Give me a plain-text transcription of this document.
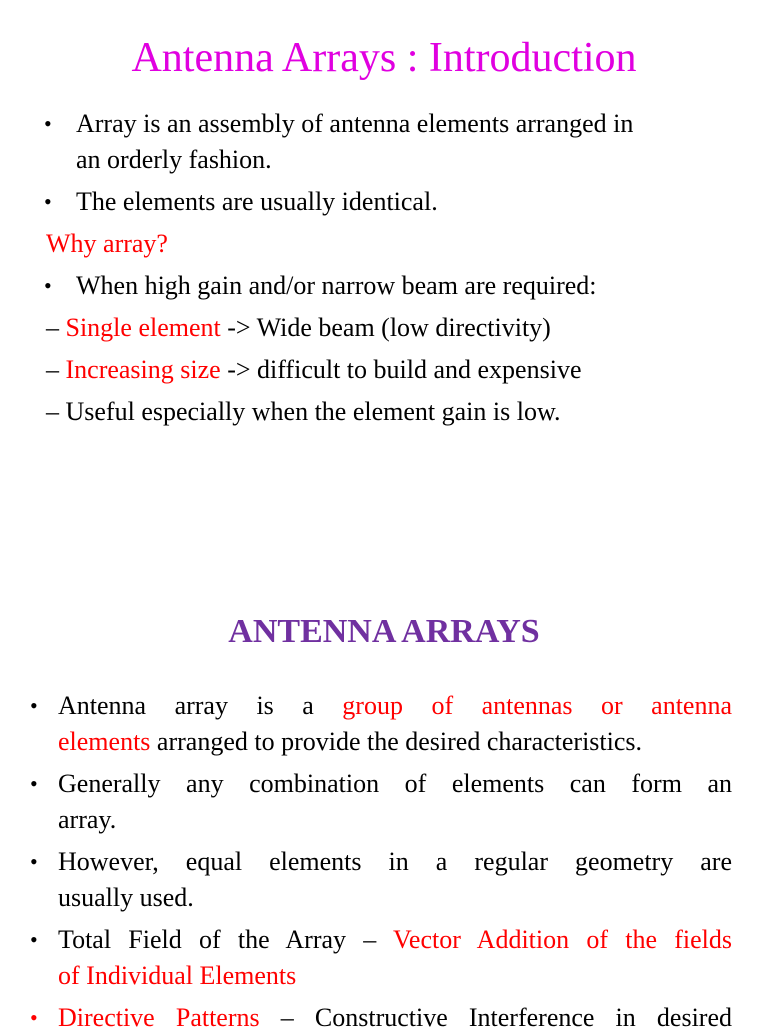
Antenna Arrays : Introduction
• Array is an assembly of antenna elements arranged in
an orderly fashion.
• The elements are usually identical.
Why array?
• When high gain and/or narrow beam are required:
– Single element -> Wide beam (low directivity)
– Increasing size -> difficult to build and expensive
– Useful especially when the element gain is low.
ANTENNA ARRAYS
• Antenna array is a group of antennas or antenna
elements arranged to provide the desired characteristics.
• Generally any combination of elements can form an
array.
• However, equal elements in a regular geometry are
usually used.
• Total Field of the Array – Vector Addition of the fields
of Individual Elements
• Directive Patterns – Constructive Interference in desired
